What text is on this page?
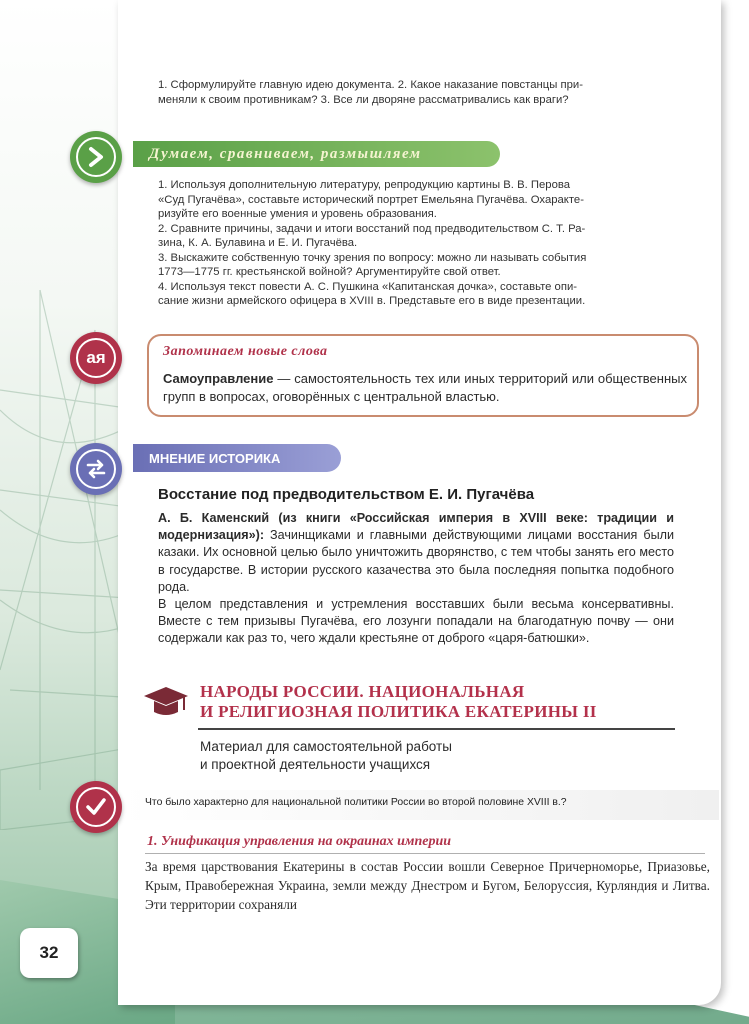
1. Сформулируйте главную идею документа. 2. Какое наказание повстанцы при-
меняли к своим противникам? 3. Все ли дворяне рассматривались как враги?
Думаем, сравниваем, размышляем
1. Используя дополнительную литературу, репродукцию картины В. В. Перова
«Суд Пугачёва», составьте исторический портрет Емельяна Пугачёва. Охаракте-
ризуйте его военные умения и уровень образования.
2. Сравните причины, задачи и итоги восстаний под предводительством С. Т. Ра-
зина, К. А. Булавина и Е. И. Пугачёва.
3. Выскажите собственную точку зрения по вопросу: можно ли называть события
1773—1775 гг. крестьянской войной? Аргументируйте свой ответ.
4. Используя текст повести А. С. Пушкина «Капитанская дочка», составьте опи-
сание жизни армейского офицера в XVIII в. Представьте его в виде презентации.
ая	Запоминаем новые слова
Самоуправление — самостоятельность тех или иных территорий или общественных групп в вопросах, оговорённых с центральной властью.
МНЕНИЕ ИСТОРИКА
Восстание под предводительством Е. И. Пугачёва
А. Б. Каменский (из книги «Российская империя в XVIII веке: традиции и модернизация»): Зачинщиками и главными действующими лицами восстания были казаки. Их основной целью было уничтожить дворянство, с тем чтобы занять его место в государстве. В истории русского казачества это была последняя попытка подобного рода.
В целом представления и устремления восставших были весьма консервативны. Вместе с тем призывы Пугачёва, его лозунги попадали на благодатную почву — они содержали как раз то, чего ждали крестьяне от доброго «царя-батюшки».
НАРОДЫ РОССИИ. НАЦИОНАЛЬНАЯ
И РЕЛИГИОЗНАЯ ПОЛИТИКА ЕКАТЕРИНЫ II
Материал для самостоятельной работы
и проектной деятельности учащихся
Что было характерно для национальной политики России во второй половине XVIII в.?
1. Унификация управления на окраинах империи
За время царствования Екатерины в состав России вошли Северное Причерноморье, Приазовье, Крым, Правобережная Украина, земли между Днестром и Бугом, Белоруссия, Курляндия и Литва. Эти территории сохраняли
32
